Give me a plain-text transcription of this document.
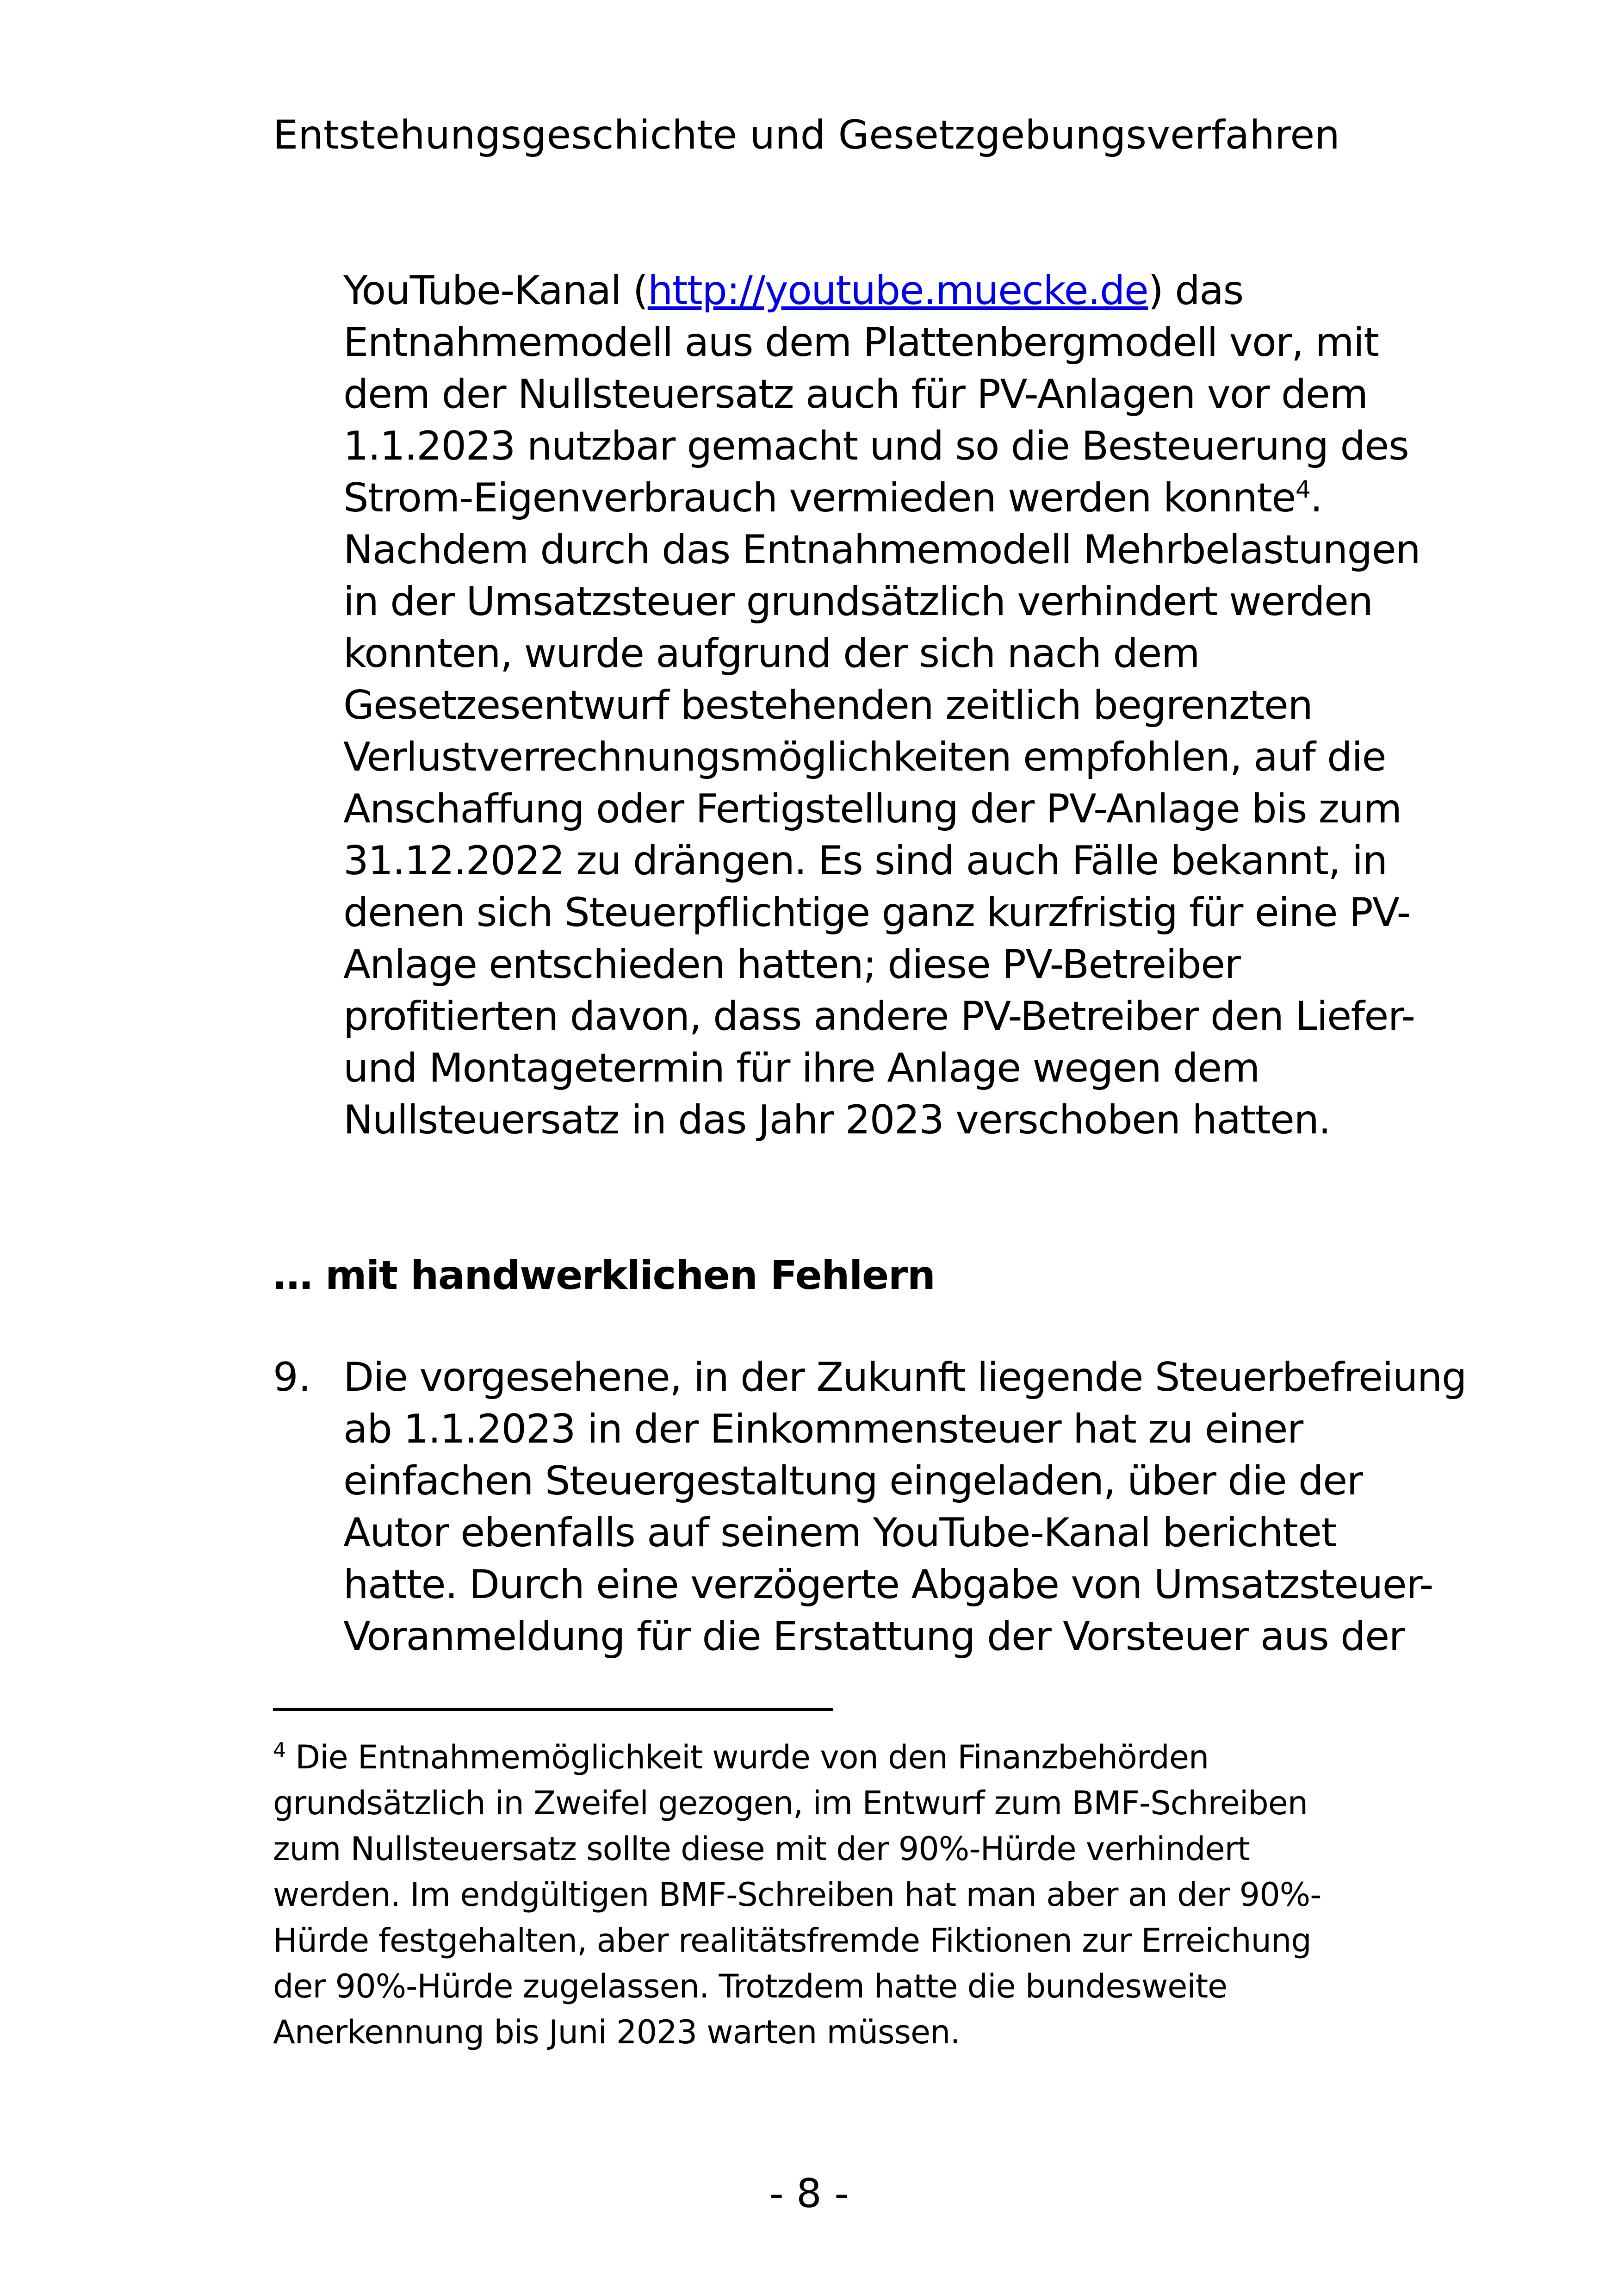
Entstehungsgeschichte und Gesetzgebungsverfahren
YouTube-Kanal (http://youtube.muecke.de) das
Entnahmemodell aus dem Plattenbergmodell vor, mit
dem der Nullsteuersatz auch für PV-Anlagen vor dem
1.1.2023 nutzbar gemacht und so die Besteuerung des
Strom-Eigenverbrauch vermieden werden konnte$^4$.
Nachdem durch das Entnahmemodell Mehrbelastungen
in der Umsatzsteuer grundsätzlich verhindert werden
konnten, wurde aufgrund der sich nach dem
Gesetzesentwurf bestehenden zeitlich begrenzten
Verlustverrechnungsmöglichkeiten empfohlen, auf die
Anschaffung oder Fertigstellung der PV-Anlage bis zum
31.12.2022 zu drängen. Es sind auch Fälle bekannt, in
denen sich Steuerpflichtige ganz kurzfristig für eine PV-
Anlage entschieden hatten; diese PV-Betreiber
profitierten davon, dass andere PV-Betreiber den Liefer-
und Montagetermin für ihre Anlage wegen dem
Nullsteuersatz in das Jahr 2023 verschoben hatten.
… mit handwerklichen Fehlern
9. Die vorgesehene, in der Zukunft liegende Steuerbefreiung
ab 1.1.2023 in der Einkommensteuer hat zu einer
einfachen Steuergestaltung eingeladen, über die der
Autor ebenfalls auf seinem YouTube-Kanal berichtet
hatte. Durch eine verzögerte Abgabe von Umsatzsteuer-
Voranmeldung für die Erstattung der Vorsteuer aus der
$^4$ Die Entnahmemöglichkeit wurde von den Finanzbehörden
grundsätzlich in Zweifel gezogen, im Entwurf zum BMF-Schreiben
zum Nullsteuersatz sollte diese mit der 90%-Hürde verhindert
werden. Im endgültigen BMF-Schreiben hat man aber an der 90%-
Hürde festgehalten, aber realitätsfremde Fiktionen zur Erreichung
der 90%-Hürde zugelassen. Trotzdem hatte die bundesweite
Anerkennung bis Juni 2023 warten müssen.
- 8 -
